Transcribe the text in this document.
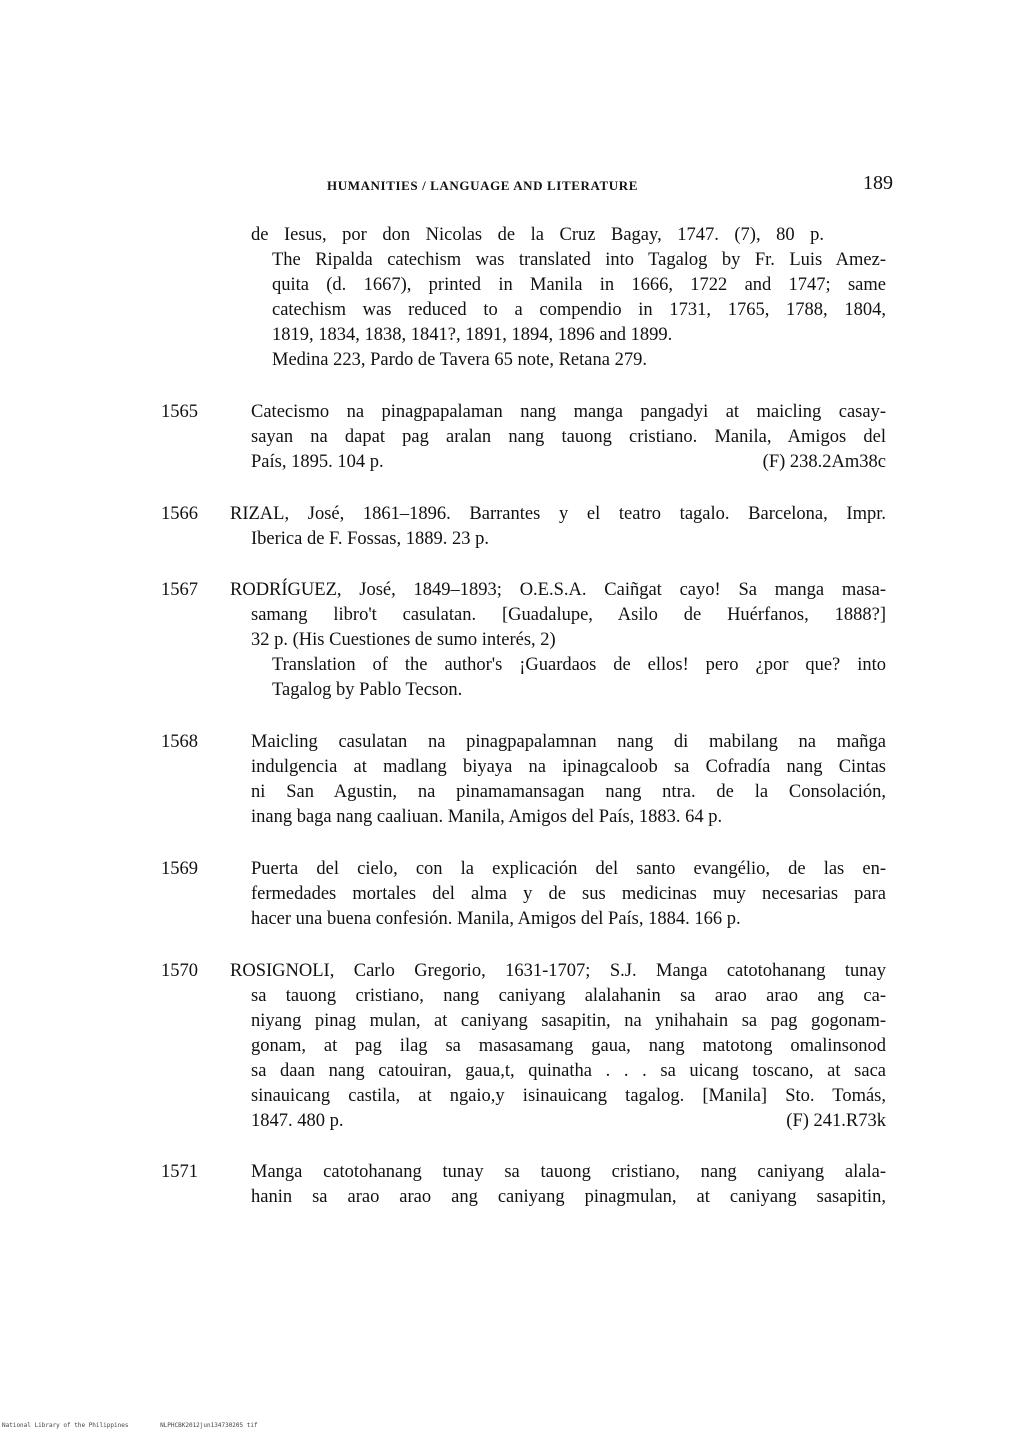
HUMANITIES / LANGUAGE AND LITERATURE	189
de Iesus, por don Nicolas de la Cruz Bagay, 1747. (7), 80 p.
The Ripalda catechism was translated into Tagalog by Fr. Luis Amez-
quita (d. 1667), printed in Manila in 1666, 1722 and 1747; same
catechism was reduced to a compendio in 1731, 1765, 1788, 1804,
1819, 1834, 1838, 1841?, 1891, 1894, 1896 and 1899.
Medina 223, Pardo de Tavera 65 note, Retana 279.
1565	Catecismo na pinagpapalaman nang manga pangadyi at maicling casay-
sayan na dapat pag aralan nang tauong cristiano. Manila, Amigos del
País, 1895. 104 p.	(F) 238.2Am38c
1566 RIZAL, José, 1861–1896. Barrantes y el teatro tagalo. Barcelona, Impr.
Iberica de F. Fossas, 1889. 23 p.
1567 RODRÍGUEZ, José, 1849–1893; O.E.S.A. Caiñgat cayo! Sa manga masa-
samang libro't casulatan. [Guadalupe, Asilo de Huérfanos, 1888?]
32 p. (His Cuestiones de sumo interés, 2)
Translation of the author's ¡Guardaos de ellos! pero ¿por que? into
Tagalog by Pablo Tecson.
1568	Maicling casulatan na pinagpapalamnan nang di mabilang na mañga
indulgencia at madlang biyaya na ipinagcaloob sa Cofradía nang Cintas
ni San Agustin, na pinamamansagan nang ntra. de la Consolación,
inang baga nang caaliuan. Manila, Amigos del País, 1883. 64 p.
1569	Puerta del cielo, con la explicación del santo evangélio, de las en-
fermedades mortales del alma y de sus medicinas muy necesarias para
hacer una buena confesión. Manila, Amigos del País, 1884. 166 p.
1570 ROSIGNOLI, Carlo Gregorio, 1631-1707; S.J. Manga catotohanang tunay
sa tauong cristiano, nang caniyang alalahanin sa arao arao ang ca-
niyang pinag mulan, at caniyang sasapitin, na ynihahain sa pag gogonam-
gonam, at pag ilag sa masasamang gaua, nang matotong omalinsonod
sa daan nang catouiran, gaua,t, quinatha . . . sa uicang toscano, at saca
sinauicang castila, at ngaio,y isinauicang tagalog. [Manila] Sto. Tomás,
1847. 480 p.	(F) 241.R73k
1571	Manga catotohanang tunay sa tauong cristiano, nang caniyang alala-
hanin sa arao arao ang caniyang pinagmulan, at caniyang sasapitin,
National Library of the Philippines	NLPHCBK2012jun134730205 tif
